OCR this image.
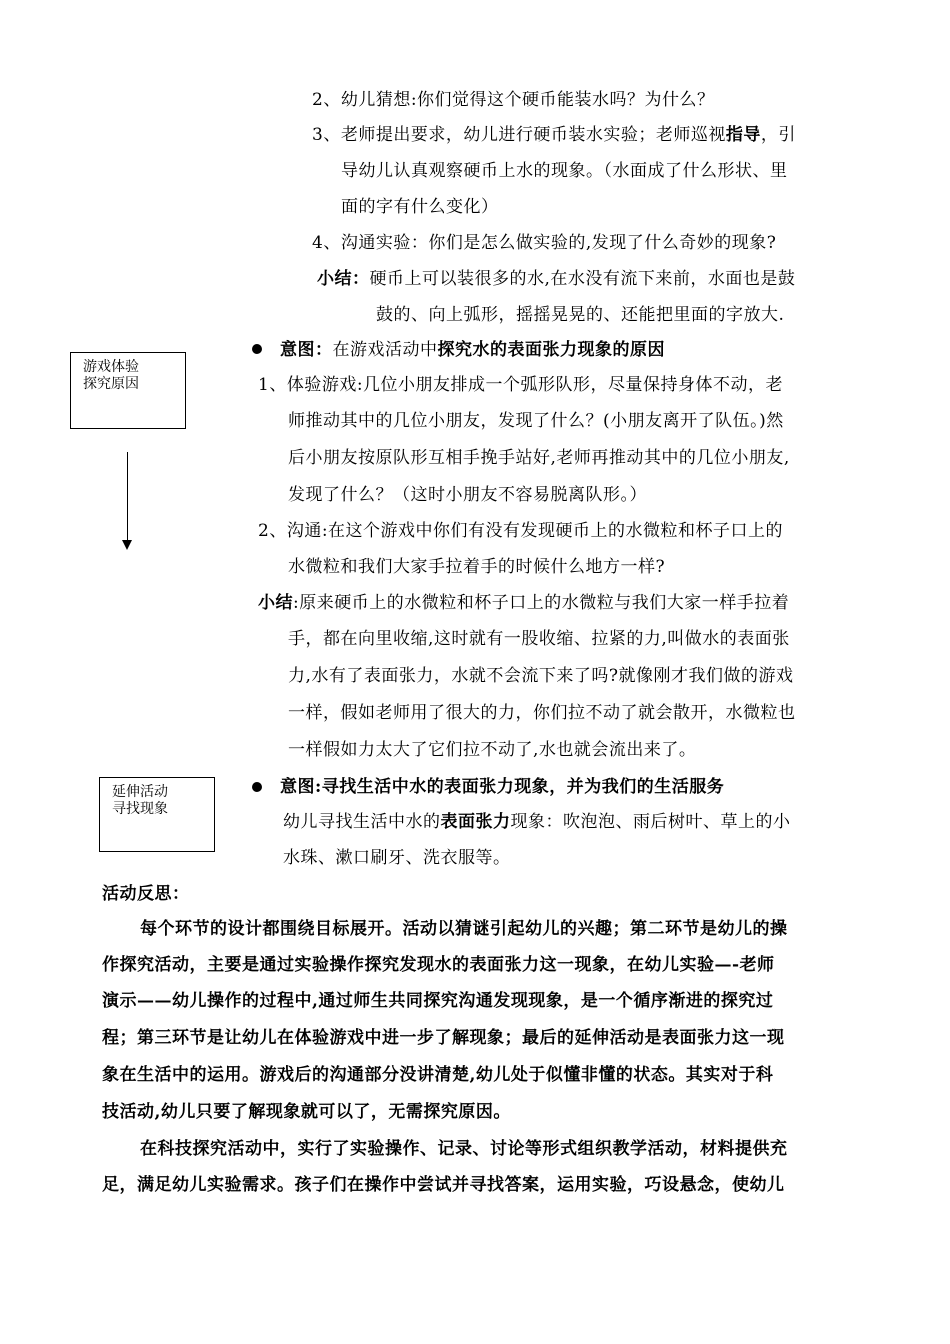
2、幼儿猜想:你们觉得这个硬币能装水吗？为什么？
3、老师提出要求，幼儿进行硬币装水实验；老师巡视指导，引
导幼儿认真观察硬币上水的现象。（水面成了什么形状、里
面的字有什么变化）
4、沟通实验：你们是怎么做实验的,发现了什么奇妙的现象?
小结：硬币上可以装很多的水,在水没有流下来前，水面也是鼓
鼓的、向上弧形，摇摇晃晃的、还能把里面的字放大.
游戏体验
探究原因
意图：在游戏活动中探究水的表面张力现象的原因
1、体验游戏:几位小朋友排成一个弧形队形，尽量保持身体不动，老
师推动其中的几位小朋友，发现了什么？(小朋友离开了队伍。)然
后小朋友按原队形互相手挽手站好,老师再推动其中的几位小朋友,
发现了什么？（这时小朋友不容易脱离队形。）
2、沟通:在这个游戏中你们有没有发现硬币上的水微粒和杯子口上的
水微粒和我们大家手拉着手的时候什么地方一样?
小结:原来硬币上的水微粒和杯子口上的水微粒与我们大家一样手拉着
手，都在向里收缩,这时就有一股收缩、拉紧的力,叫做水的表面张
力,水有了表面张力，水就不会流下来了吗?就像刚才我们做的游戏
一样，假如老师用了很大的力，你们拉不动了就会散开，水微粒也
一样假如力太大了它们拉不动了,水也就会流出来了。
延伸活动
寻找现象
意图:寻找生活中水的表面张力现象，并为我们的生活服务
幼儿寻找生活中水的表面张力现象：吹泡泡、雨后树叶、草上的小
水珠、漱口刷牙、洗衣服等。
活动反思：
每个环节的设计都围绕目标展开。活动以猜谜引起幼儿的兴趣；第二环节是幼儿的操
作探究活动，主要是通过实验操作探究发现水的表面张力这一现象，在幼儿实验—-老师
演示——幼儿操作的过程中,通过师生共同探究沟通发现现象，是一个循序渐进的探究过
程；第三环节是让幼儿在体验游戏中进一步了解现象；最后的延伸活动是表面张力这一现
象在生活中的运用。游戏后的沟通部分没讲清楚,幼儿处于似懂非懂的状态。其实对于科
技活动,幼儿只要了解现象就可以了，无需探究原因。
在科技探究活动中，实行了实验操作、记录、讨论等形式组织教学活动，材料提供充
足，满足幼儿实验需求。孩子们在操作中尝试并寻找答案，运用实验，巧设悬念，使幼儿
